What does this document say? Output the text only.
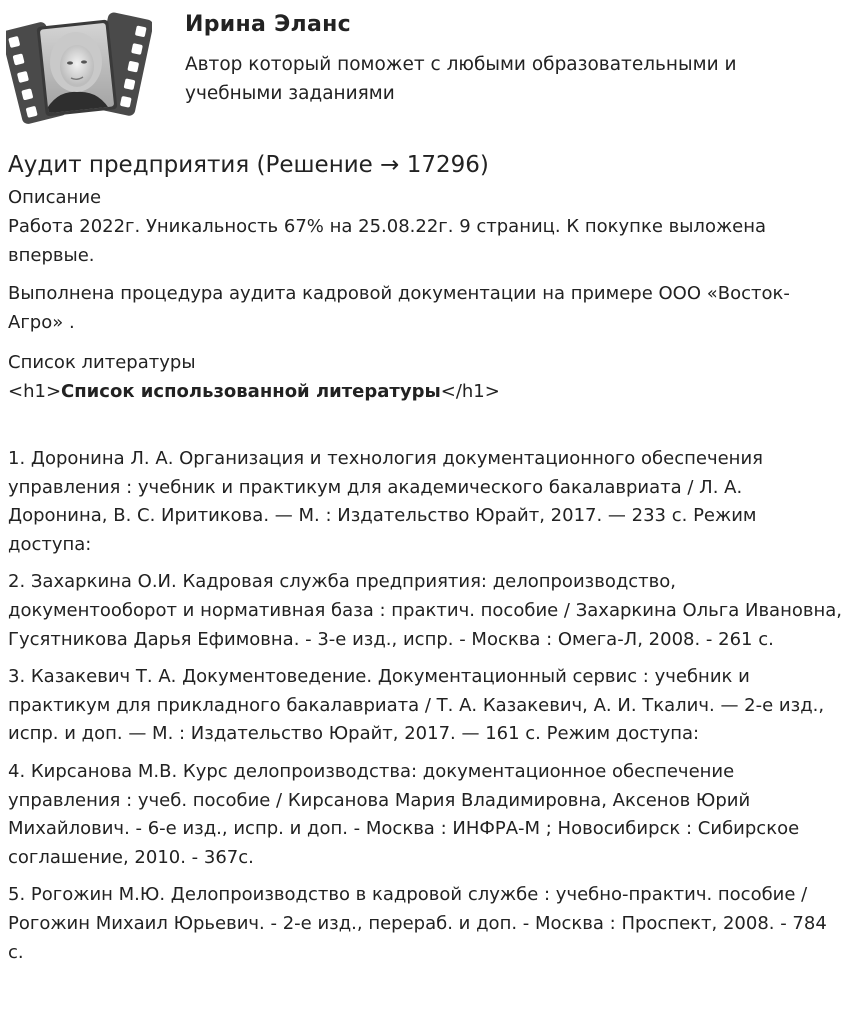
Ирина Эланс
Автор который поможет с любыми образовательными и учебными заданиями
Аудит предприятия (Решение → 17296)
Описание

Работа 2022г. Уникальность 67% на 25.08.22г. 9 страниц. К покупке выложена впервые.

Выполнена процедура аудита кадровой документации на примере ООО «Восток-Агро» .

Список литературы
<h1>Список использованной литературы</h1>

1. Доронина Л. А. Организация и технология документационного обеспечения управления : учебник и практикум для академического бакалавриата / Л. А. Доронина, В. С. Иритикова. — М. : Издательство Юрайт, 2017. — 233 с. Режим доступа:

2. Захаркина О.И. Кадровая служба предприятия: делопроизводство, документооборот и нормативная база : практич. пособие / Захаркина Ольга Ивановна, Гусятникова Дарья Ефимовна. - 3-е изд., испр. - Москва : Омега-Л, 2008. - 261 с.

3. Казакевич Т. А. Документоведение. Документационный сервис : учебник и практикум для прикладного бакалавриата / Т. А. Казакевич, А. И. Ткалич. — 2-е изд., испр. и доп. — М. : Издательство Юрайт, 2017. — 161 с. Режим доступа:

4. Кирсанова М.В. Курс делопроизводства: документационное обеспечение управления : учеб. пособие / Кирсанова Мария Владимировна, Аксенов Юрий Михайлович. - 6-е изд., испр. и доп. - Москва : ИНФРА-М ; Новосибирск : Сибирское соглашение, 2010. - 367с.

5. Рогожин М.Ю. Делопроизводство в кадровой службе : учебно-практич. пособие / Рогожин Михаил Юрьевич. - 2-е изд., перераб. и доп. - Москва : Проспект, 2008. - 784 с.
